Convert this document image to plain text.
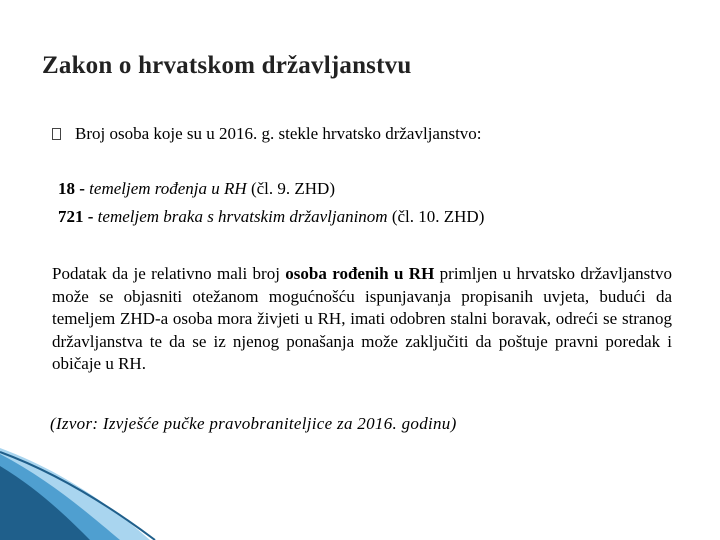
Zakon o hrvatskom državljanstvu
Broj osoba koje su u 2016. g. stekle hrvatsko državljanstvo:
18 - temeljem rođenja u RH (čl. 9. ZHD)
721 - temeljem braka s hrvatskim državljaninom (čl. 10. ZHD)

Podatak da je relativno mali broj osoba rođenih u RH primljen u hrvatsko državljanstvo može se objasniti otežanom mogućnošću ispunjavanja propisanih uvjeta, budući da temeljem ZHD-a osoba mora živjeti u RH, imati odobren stalni boravak, odreći se stranog državljanstva te da se iz njenog ponašanja može zaključiti da poštuje pravni poredak i običaje u RH.

(Izvor: Izvješće pučke pravobraniteljice za 2016. godinu)
